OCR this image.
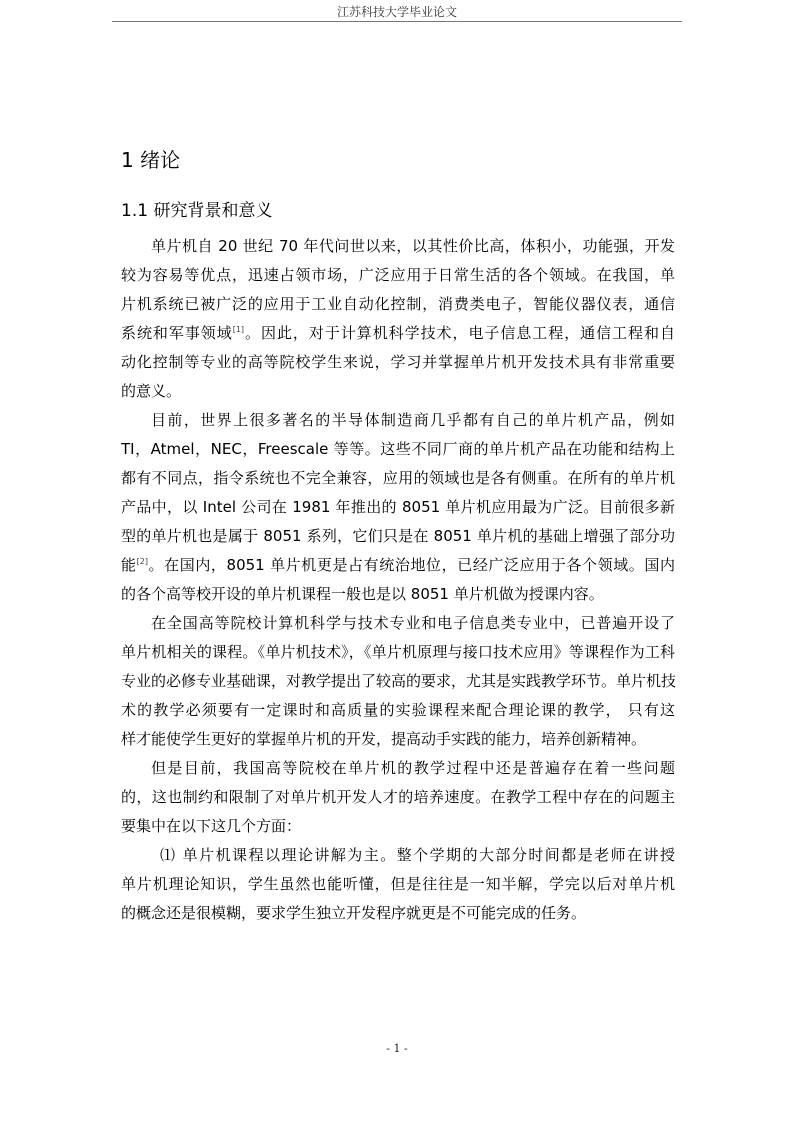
江苏科技大学毕业论文
1 绪论
1.1 研究背景和意义

单片机自 20 世纪 70 年代问世以来，以其性价比高，体积小，功能强，开发
较为容易等优点，迅速占领市场，广泛应用于日常生活的各个领域。在我国，单
片机系统已被广泛的应用于工业自动化控制，消费类电子，智能仪器仪表，通信
系统和军事领域[1]。因此，对于计算机科学技术，电子信息工程，通信工程和自
动化控制等专业的高等院校学生来说，学习并掌握单片机开发技术具有非常重要
的意义。

目前，世界上很多著名的半导体制造商几乎都有自己的单片机产品，例如
TI，Atmel，NEC，Freescale 等等。这些不同厂商的单片机产品在功能和结构上
都有不同点，指令系统也不完全兼容，应用的领域也是各有侧重。在所有的单片机
产品中，以 Intel 公司在 1981 年推出的 8051 单片机应用最为广泛。目前很多新
型的单片机也是属于 8051 系列，它们只是在 8051 单片机的基础上增强了部分功
能[2]。在国内，8051 单片机更是占有统治地位，已经广泛应用于各个领域。国内
的各个高等校开设的单片机课程一般也是以 8051 单片机做为授课内容。

在全国高等院校计算机科学与技术专业和电子信息类专业中，已普遍开设了
单片机相关的课程。《单片机技术》，《单片机原理与接口技术应用》等课程作为工科
专业的必修专业基础课，对教学提出了较高的要求，尤其是实践教学环节。单片机技
术的教学必须要有一定课时和高质量的实验课程来配合理论课的教学， 只有这
样才能使学生更好的掌握单片机的开发，提高动手实践的能力，培养创新精神。

但是目前，我国高等院校在单片机的教学过程中还是普遍存在着一些问题
的，这也制约和限制了对单片机开发人才的培养速度。在教学工程中存在的问题主
要集中在以下这几个方面：

⑴ 单片机课程以理论讲解为主。整个学期的大部分时间都是老师在讲授
单片机理论知识，学生虽然也能听懂，但是往往是一知半解，学完以后对单片机
的概念还是很模糊，要求学生独立开发程序就更是不可能完成的任务。

- 1 -
